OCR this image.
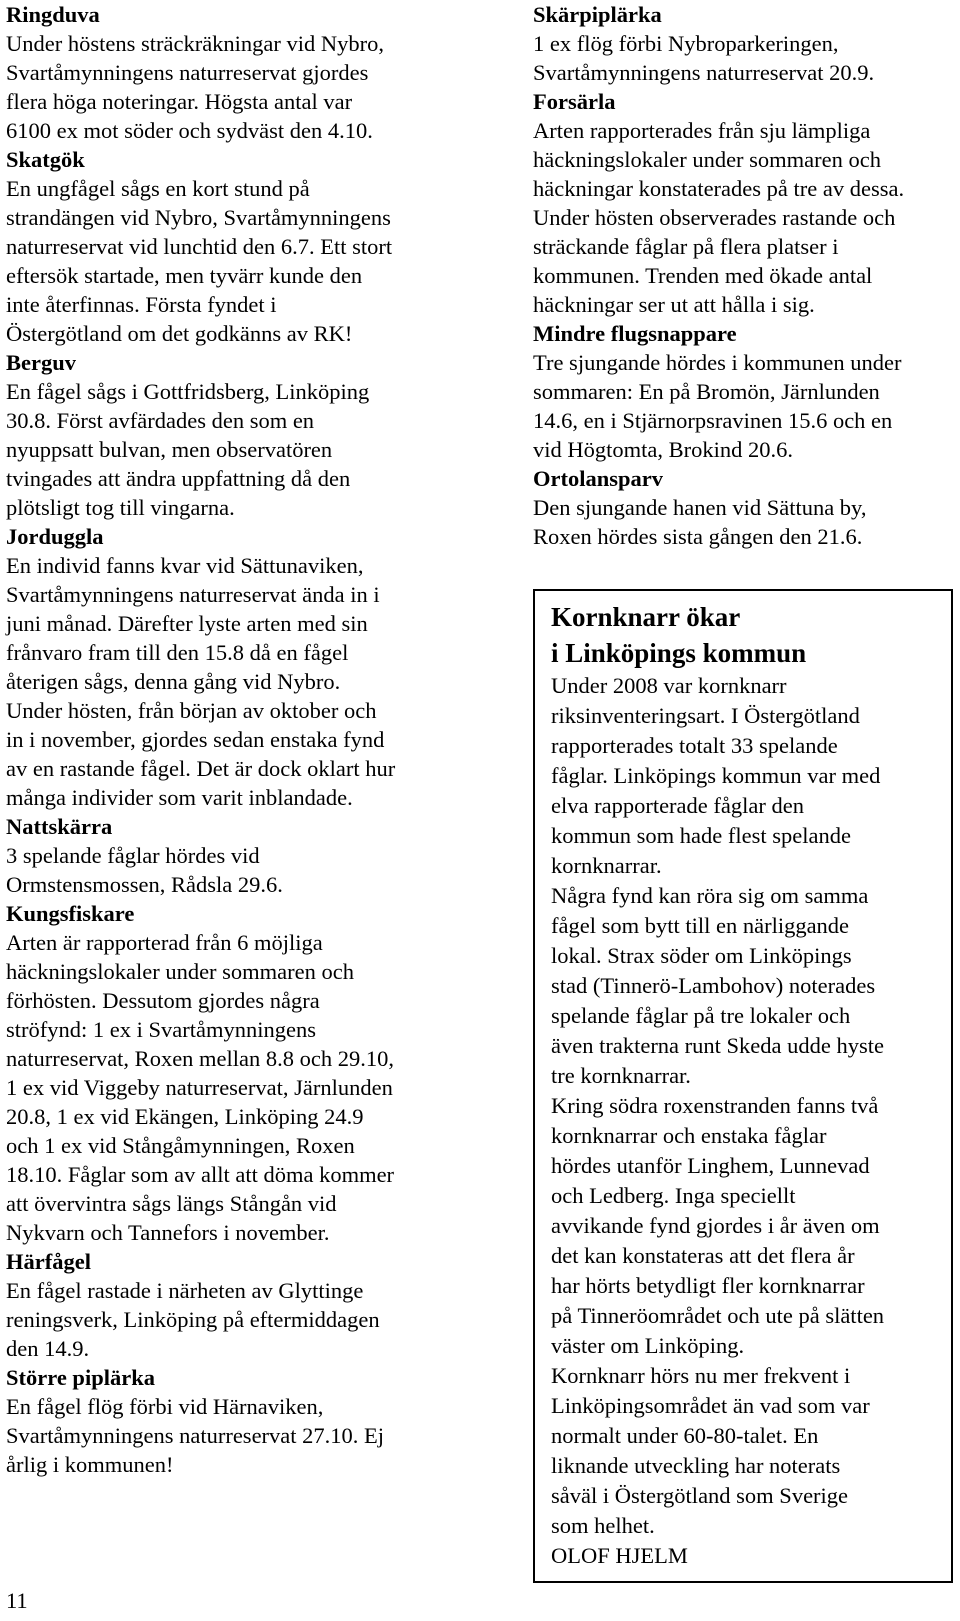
Ringduva
Under höstens sträckräkningar vid Nybro,
Svartåmynningens naturreservat gjordes
flera höga noteringar. Högsta antal var
6100 ex mot söder och sydväst den 4.10.
Skatgök
En ungfågel sågs en kort stund på
strandängen vid Nybro, Svartåmynningens
naturreservat vid lunchtid den 6.7. Ett stort
eftersök startade, men tyvärr kunde den
inte återfinnas. Första fyndet i
Östergötland om det godkänns av RK!
Berguv
En fågel sågs i Gottfridsberg, Linköping
30.8. Först avfärdades den som en
nyuppsatt bulvan, men observatören
tvingades att ändra uppfattning då den
plötsligt tog till vingarna.
Jorduggla
En individ fanns kvar vid Sättunaviken,
Svartåmynningens naturreservat ända in i
juni månad. Därefter lyste arten med sin
frånvaro fram till den 15.8 då en fågel
återigen sågs, denna gång vid Nybro.
Under hösten, från början av oktober och
in i november, gjordes sedan enstaka fynd
av en rastande fågel. Det är dock oklart hur
många individer som varit inblandade.
Nattskärra
3 spelande fåglar hördes vid
Ormstensmossen, Rådsla 29.6.
Kungsfiskare
Arten är rapporterad från 6 möjliga
häckningslokaler under sommaren och
förhösten. Dessutom gjordes några
ströfynd: 1 ex i Svartåmynningens
naturreservat, Roxen mellan 8.8 och 29.10,
1 ex vid Viggeby naturreservat, Järnlunden
20.8, 1 ex vid Ekängen, Linköping 24.9
och 1 ex vid Stångåmynningen, Roxen
18.10. Fåglar som av allt att döma kommer
att övervintra sågs längs Stångån vid
Nykvarn och Tannefors i november.
Härfågel
En fågel rastade i närheten av Glyttinge
reningsverk, Linköping på eftermiddagen
den 14.9.
Större piplärka
En fågel flög förbi vid Härnaviken,
Svartåmynningens naturreservat 27.10. Ej
årlig i kommunen!
Skärpiplärka
1 ex flög förbi Nybroparkeringen,
Svartåmynningens naturreservat 20.9.
Forsärla
Arten rapporterades från sju lämpliga
häckningslokaler under sommaren och
häckningar konstaterades på tre av dessa.
Under hösten observerades rastande och
sträckande fåglar på flera platser i
kommunen. Trenden med ökade antal
häckningar ser ut att hålla i sig.
Mindre flugsnappare
Tre sjungande hördes i kommunen under
sommaren: En på Bromön, Järnlunden
14.6, en i Stjärnorpsravinen 15.6 och en
vid Högtomta, Brokind 20.6.
Ortolansparv
Den sjungande hanen vid Sättuna by,
Roxen hördes sista gången den 21.6.
Kornknarr ökar
i Linköpings kommun
Under 2008 var kornknarr
riksinventeringsart. I Östergötland
rapporterades totalt 33 spelande
fåglar. Linköpings kommun var med
elva rapporterade fåglar den
kommun som hade flest spelande
kornknarrar.
Några fynd kan röra sig om samma
fågel som bytt till en närliggande
lokal. Strax söder om Linköpings
stad (Tinnerö-Lambohov) noterades
spelande fåglar på tre lokaler och
även trakterna runt Skeda udde hyste
tre kornknarrar.
Kring södra roxenstranden fanns två
kornknarrar och enstaka fåglar
hördes utanför Linghem, Lunnevad
och Ledberg. Inga speciellt
avvikande fynd gjordes i år även om
det kan konstateras att det flera år
har hörts betydligt fler kornknarrar
på Tinneröområdet och ute på slätten
väster om Linköping.
Kornknarr hörs nu mer frekvent i
Linköpingsområdet än vad som var
normalt under 60-80-talet. En
liknande utveckling har noterats
såväl i Östergötland som Sverige
som helhet.
OLOF HJELM
11
